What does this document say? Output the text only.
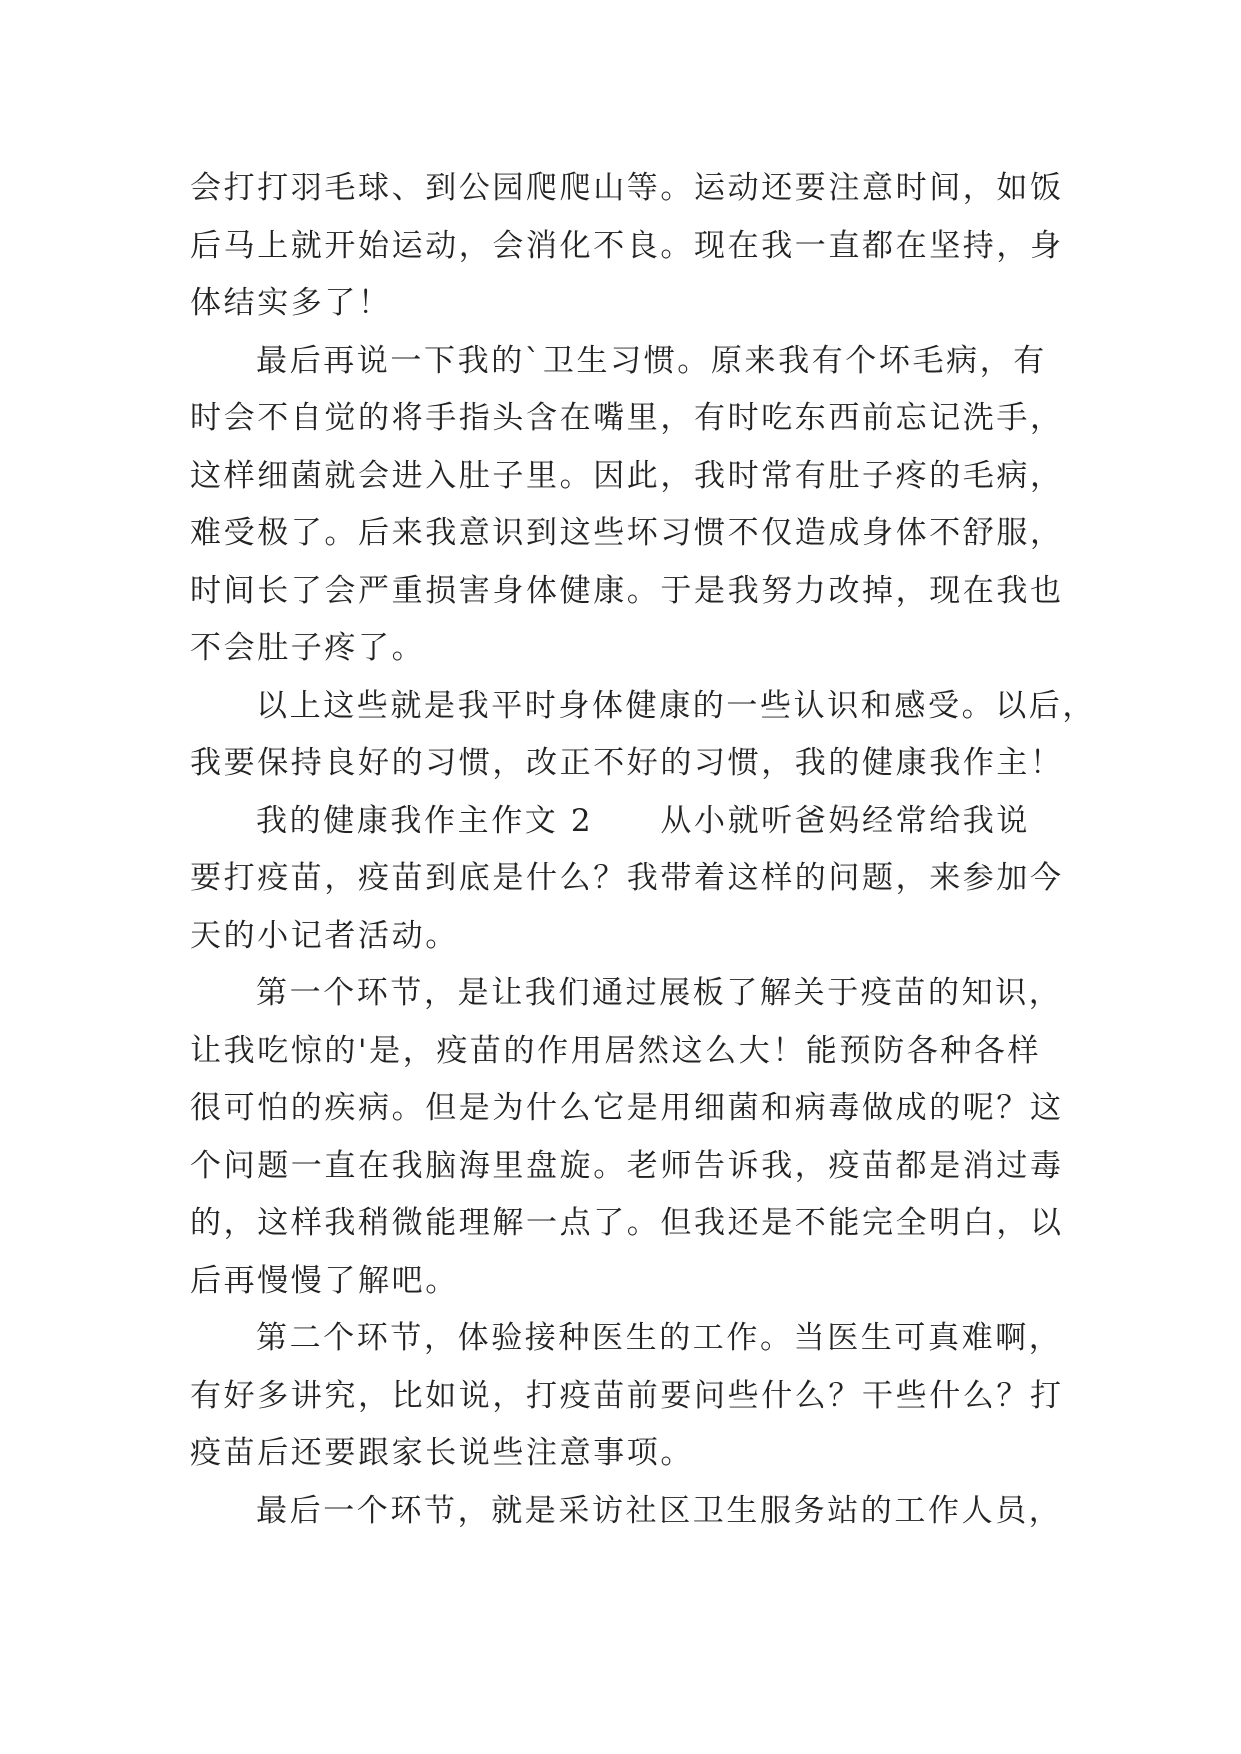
会打打羽毛球、到公园爬爬山等。运动还要注意时间，如饭
后马上就开始运动，会消化不良。现在我一直都在坚持，身
体结实多了！
最后再说一下我的`卫生习惯。原来我有个坏毛病，有
时会不自觉的将手指头含在嘴里，有时吃东西前忘记洗手，
这样细菌就会进入肚子里。因此，我时常有肚子疼的毛病，
难受极了。后来我意识到这些坏习惯不仅造成身体不舒服，
时间长了会严重损害身体健康。于是我努力改掉，现在我也
不会肚子疼了。
以上这些就是我平时身体健康的一些认识和感受。以后，
我要保持良好的习惯，改正不好的习惯，我的健康我作主！
我的健康我作主作文 2　　从小就听爸妈经常给我说
要打疫苗，疫苗到底是什么？我带着这样的问题，来参加今
天的小记者活动。
第一个环节，是让我们通过展板了解关于疫苗的知识，
让我吃惊的'是，疫苗的作用居然这么大！能预防各种各样
很可怕的疾病。但是为什么它是用细菌和病毒做成的呢？这
个问题一直在我脑海里盘旋。老师告诉我，疫苗都是消过毒
的，这样我稍微能理解一点了。但我还是不能完全明白，以
后再慢慢了解吧。
第二个环节，体验接种医生的工作。当医生可真难啊，
有好多讲究，比如说，打疫苗前要问些什么？干些什么？打
疫苗后还要跟家长说些注意事项。
最后一个环节，就是采访社区卫生服务站的工作人员，
